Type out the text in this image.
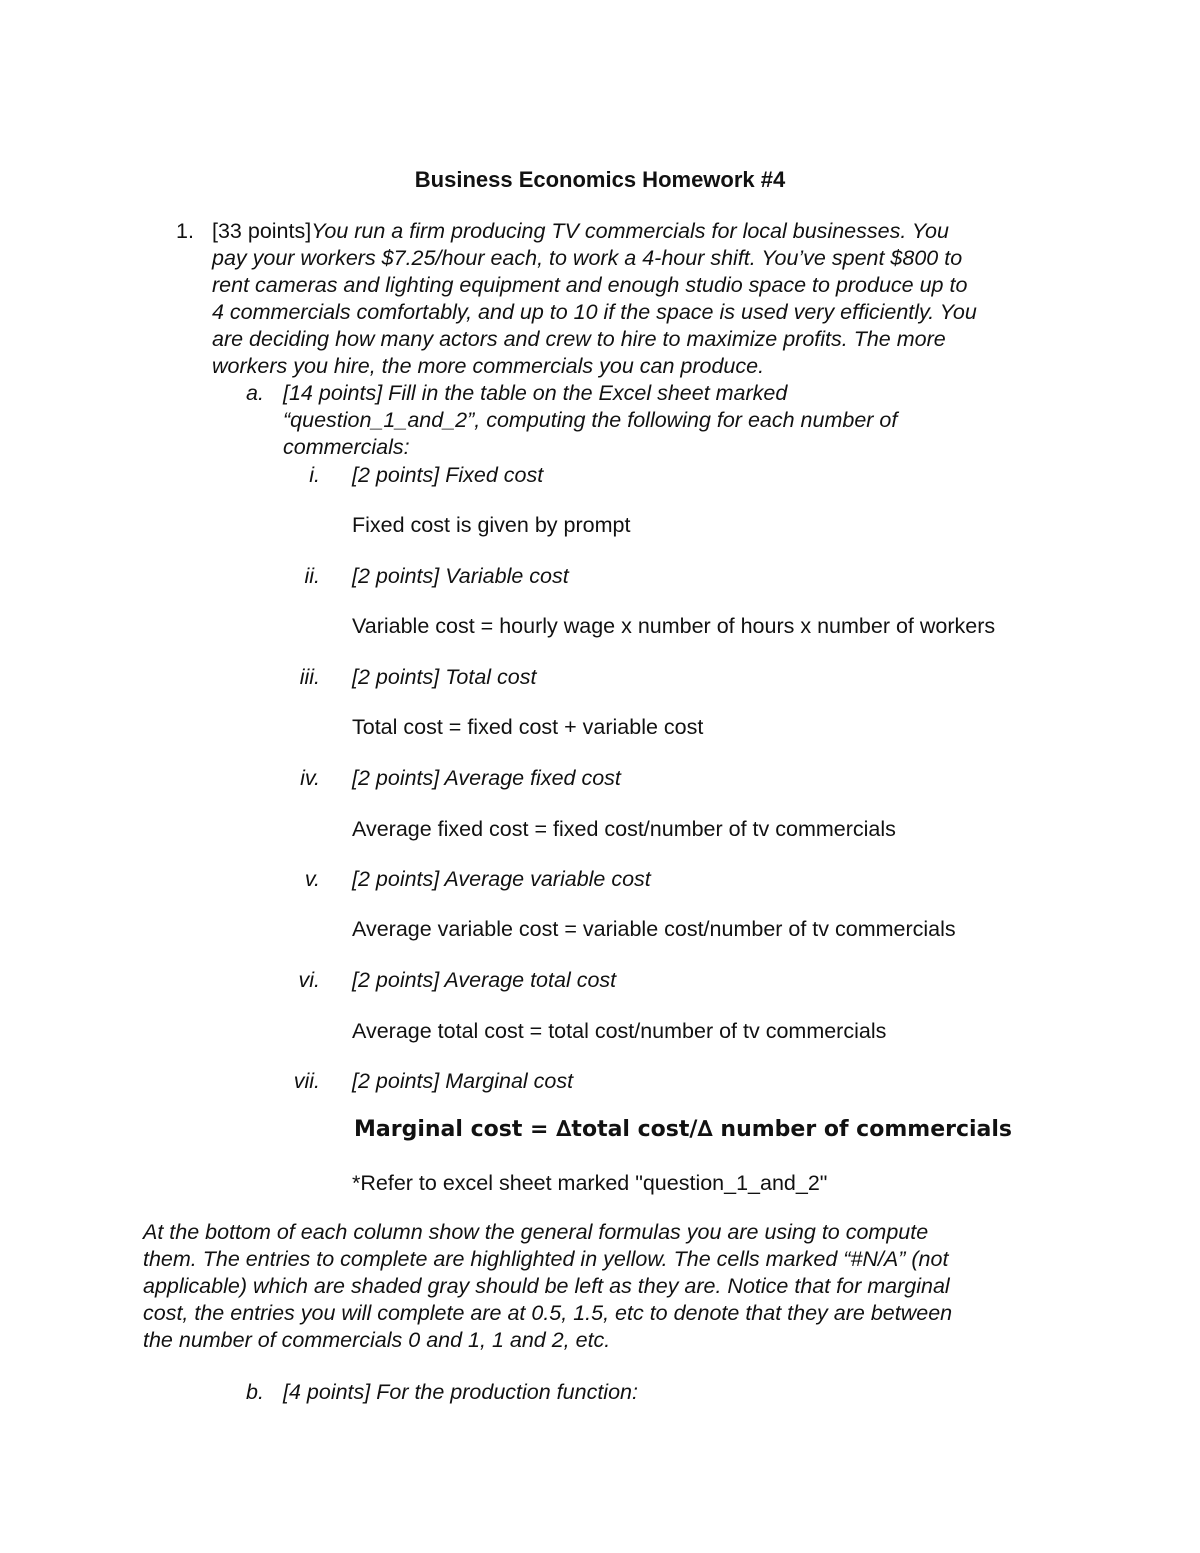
Business Economics Homework #4
1. [33 points]You run a firm producing TV commercials for local businesses. You
pay your workers $7.25/hour each, to work a 4-hour shift. You’ve spent $800 to
rent cameras and lighting equipment and enough studio space to produce up to
4 commercials comfortably, and up to 10 if the space is used very efficiently. You
are deciding how many actors and crew to hire to maximize profits. The more
workers you hire, the more commercials you can produce.
a. [14 points] Fill in the table on the Excel sheet marked
“question_1_and_2”, computing the following for each number of
commercials:
i. [2 points] Fixed cost
Fixed cost is given by prompt
ii. [2 points] Variable cost
Variable cost = hourly wage x number of hours x number of workers
iii. [2 points] Total cost
Total cost = fixed cost + variable cost
iv. [2 points] Average fixed cost
Average fixed cost = fixed cost/number of tv commercials
v. [2 points] Average variable cost
Average variable cost = variable cost/number of tv commercials
vi. [2 points] Average total cost
Average total cost = total cost/number of tv commercials
vii. [2 points] Marginal cost
Marginal cost = ∆total cost/∆ number of commercials
*Refer to excel sheet marked "question_1_and_2"
At the bottom of each column show the general formulas you are using to compute
them. The entries to complete are highlighted in yellow. The cells marked “#N/A” (not
applicable) which are shaded gray should be left as they are. Notice that for marginal
cost, the entries you will complete are at 0.5, 1.5, etc to denote that they are between
the number of commercials 0 and 1, 1 and 2, etc.
b. [4 points] For the production function:
